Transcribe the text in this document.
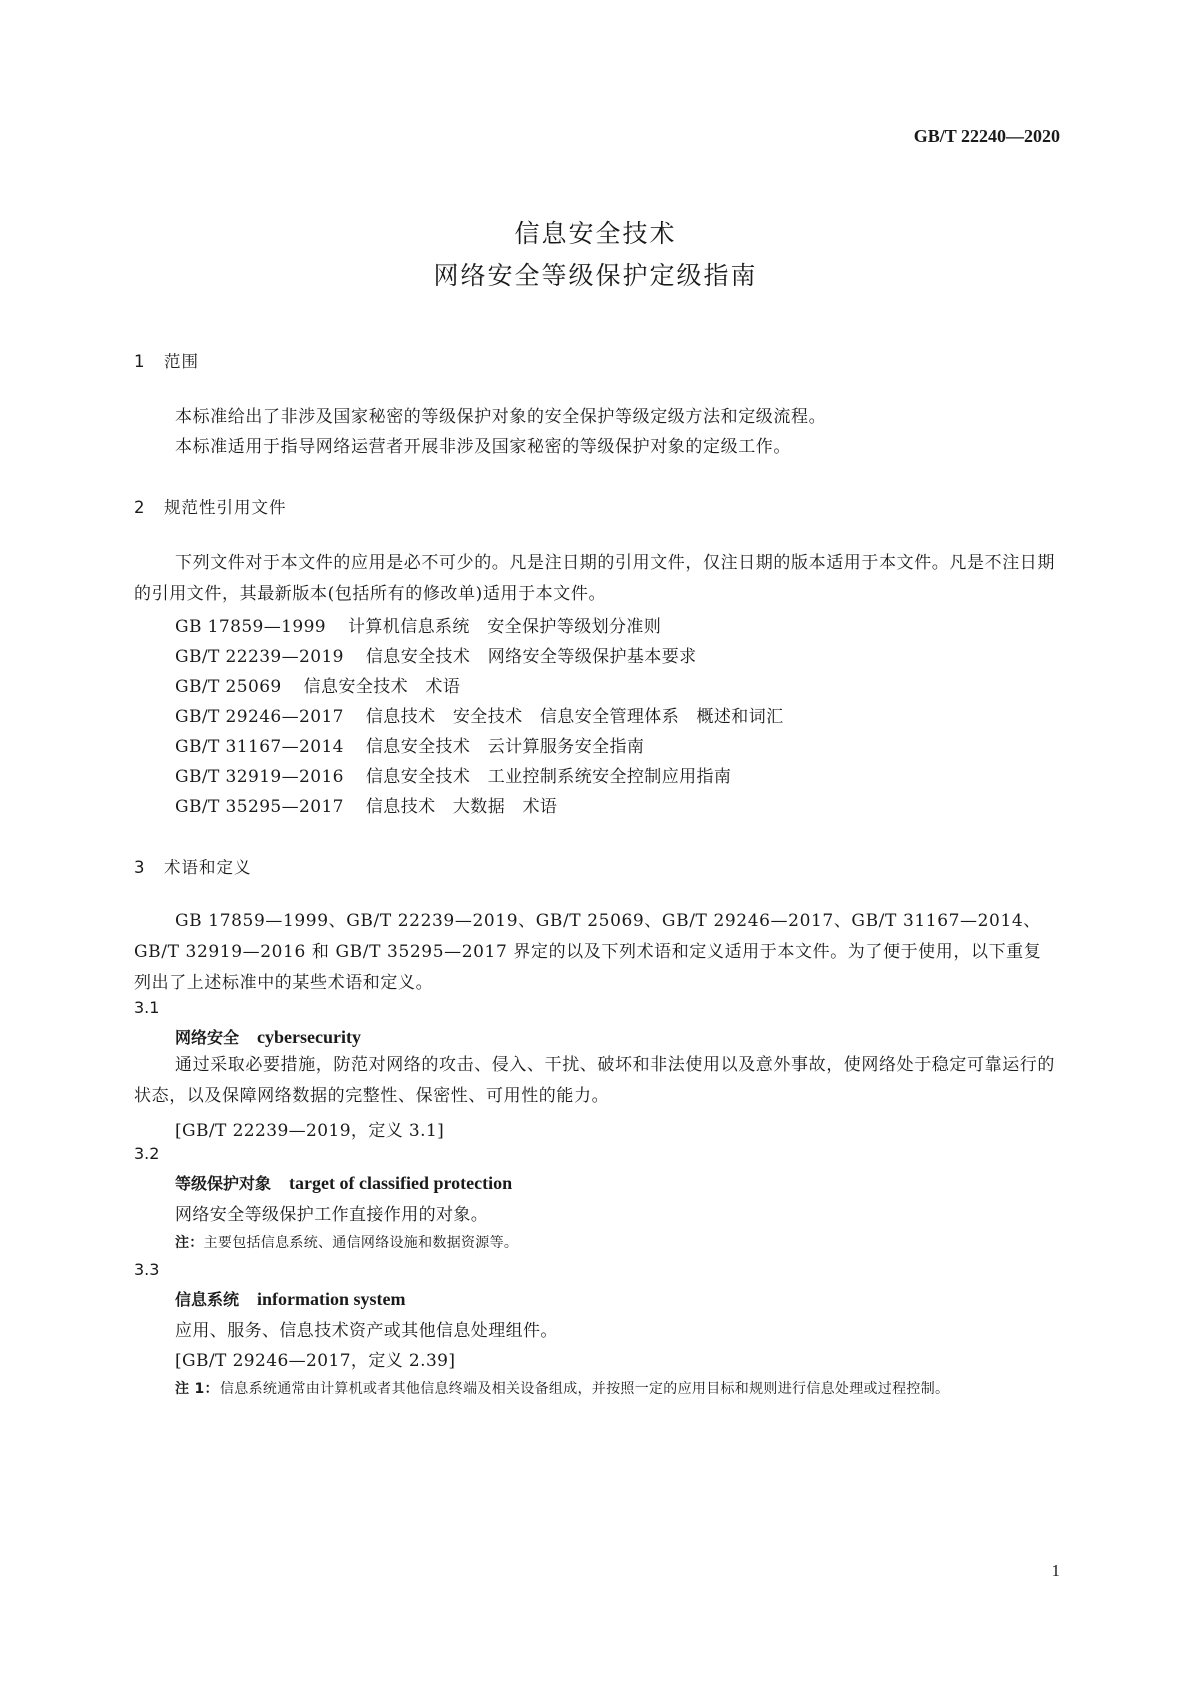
GB/T 22240—2020
信息安全技术
网络安全等级保护定级指南
1 范围

本标准给出了非涉及国家秘密的等级保护对象的安全保护等级定级方法和定级流程。

本标准适用于指导网络运营者开展非涉及国家秘密的等级保护对象的定级工作。

2 规范性引用文件

下列文件对于本文件的应用是必不可少的。凡是注日期的引用文件，仅注日期的版本适用于本文件。凡是不注日期的引用文件，其最新版本(包括所有的修改单)适用于本文件。

GB 17859—1999 计算机信息系统　安全保护等级划分准则
GB/T 22239—2019 信息安全技术　网络安全等级保护基本要求
GB/T 25069 信息安全技术　术语
GB/T 29246—2017 信息技术　安全技术　信息安全管理体系　概述和词汇
GB/T 31167—2014 信息安全技术　云计算服务安全指南
GB/T 32919—2016 信息安全技术　工业控制系统安全控制应用指南
GB/T 35295—2017 信息技术　大数据　术语
3 术语和定义

GB 17859—1999、GB/T 22239—2019、GB/T 25069、GB/T 29246—2017、GB/T 31167—2014、GB/T 32919—2016 和 GB/T 35295—2017 界定的以及下列术语和定义适用于本文件。为了便于使用，以下重复列出了上述标准中的某些术语和定义。

3.1
网络安全 cybersecurity

通过采取必要措施，防范对网络的攻击、侵入、干扰、破坏和非法使用以及意外事故，使网络处于稳定可靠运行的状态，以及保障网络数据的完整性、保密性、可用性的能力。

[GB/T 22239—2019，定义 3.1]
3.2
等级保护对象 target of classified protection
网络安全等级保护工作直接作用的对象。
注：主要包括信息系统、通信网络设施和数据资源等。
3.3
信息系统 information system
应用、服务、信息技术资产或其他信息处理组件。
[GB/T 29246—2017，定义 2.39]
注 1： 信息系统通常由计算机或者其他信息终端及相关设备组成，并按照一定的应用目标和规则进行信息处理或过程控制。
1
